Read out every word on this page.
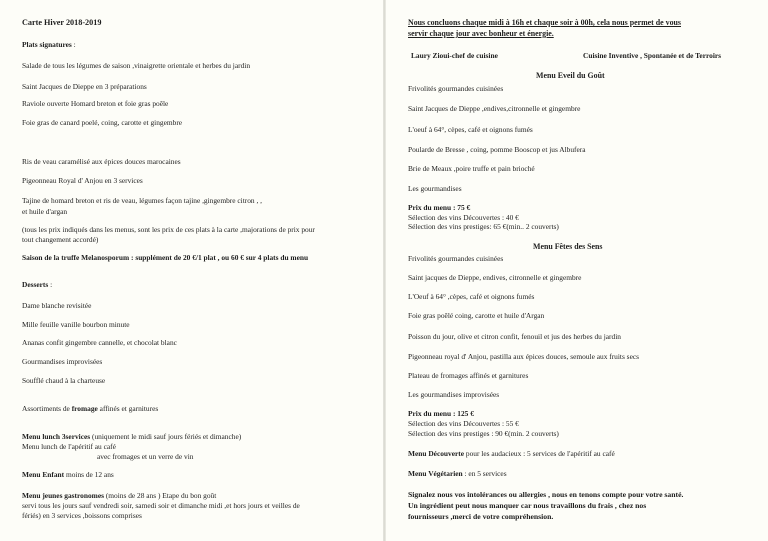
Carte Hiver 2018-2019
Plats signatures :
Salade de tous les légumes de saison ,vinaigrette orientale et herbes du jardin
Saint Jacques de Dieppe en 3 préparations
Raviole ouverte Homard breton et foie gras poêle
Foie gras de canard poelé, coing, carotte et gingembre
Ris de veau caramélisé aux épices douces marocaines
Pigeonneau Royal d' Anjou en 3 services
Tajine de homard breton et ris de veau, légumes façon tajine ,gingembre citron , ,
et huile d'argan
(tous les prix indiqués dans les menus, sont les prix de ces plats à la carte ,majorations de prix pour
tout changement accordé)
Saison de la truffe Melanosporum : supplément de 20 €/1 plat , ou 60 € sur 4 plats du menu
Desserts :
Dame blanche revisitée
Mille feuille vanille bourbon minute
Ananas confit gingembre cannelle, et chocolat blanc
Gourmandises improvisées
Soufflé chaud à la charteuse
Assortiments de fromage affinés et garnitures
Menu lunch 3services (uniquement le midi sauf jours fériés et dimanche)
Menu lunch de l'apéritif au café
avec fromages et un verre de vin
Menu Enfant moins de 12 ans
Menu jeunes gastronomes (moins de 28 ans ) Etape du bon goût
servi tous les jours sauf vendredi soir, samedi soir et dimanche midi ,et hors jours et veilles de
fériés) en 3 services ,boissons comprises
Nous concluons chaque midi à 16h et chaque soir à 00h, cela nous permet de vous
servir chaque jour avec bonheur et énergie.
Laury Zioui-chef de cuisine	Cuisine Inventive , Spontanée et de Terroirs
Menu Eveil du Goût
Frivolités gourmandes cuisinées
Saint Jacques de Dieppe ,endives,citronnelle et gingembre
L'oeuf à 64°, cèpes, café et oignons fumés
Poularde de Bresse , coing, pomme Booscop et jus Albufera
Brie de Meaux ,poire truffe et pain brioché
Les gourmandises
Prix du menu : 75 €
Sélection des vins Découvertes : 40 €
Sélection des vins prestiges: 65 €(min.. 2 couverts)
Menu Fêtes des Sens
Frivolités gourmandes cuisinées
Saint jacques de Dieppe, endives, citronnelle et gingembre
L'Oeuf à 64° ,cèpes, café et oignons fumés
Foie gras poêlé coing, carotte et huile d'Argan
Poisson du jour, olive et citron confit, fenouil et jus des herbes du jardin
Pigeonneau royal d' Anjou, pastilla aux épices douces, semoule aux fruits secs
Plateau de fromages affinés et garnitures
Les gourmandises improvisées
Prix du menu : 125 €
Sélection des vins Découvertes : 55 €
Sélection des vins prestiges : 90 €(min. 2 couverts)
Menu Découverte pour les audacieux : 5 services de l'apéritif au café
Menu Végétarien : en 5 services
Signalez nous vos intolérances ou allergies , nous en tenons compte pour votre santé.
Un ingrédient peut nous manquer car nous travaillons du frais , chez nos
fournisseurs ,merci de votre compréhension.
